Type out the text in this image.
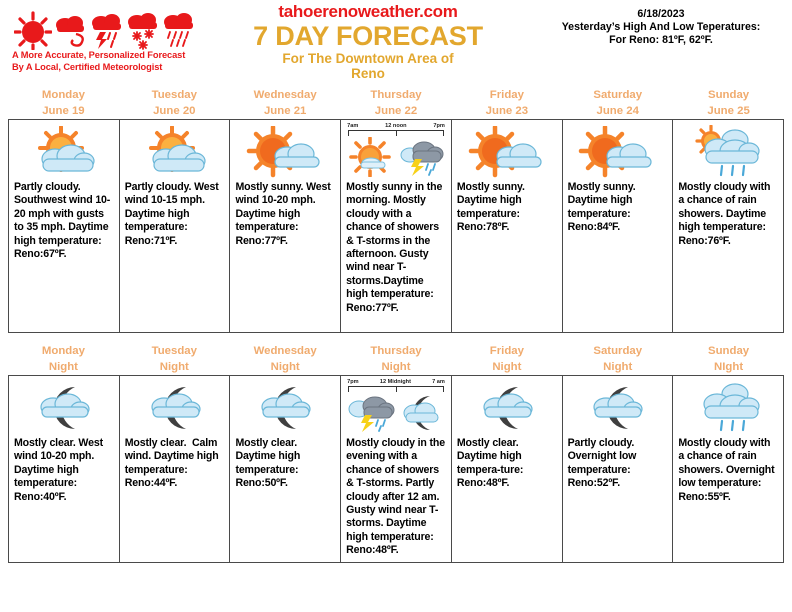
A More Accurate, Personalized Forecast
By A Local, Certified Meteorologist
tahoerenoweather.com
7 DAY FORECAST
For The Downtown Area of
Reno
6/18/2023
Yesterday’s High And Low Teperatures:
For Reno: 81ºF, 62ºF.
Monday
June 19
Tuesday
June 20
Wednesday
June 21
Thursday
June 22
Friday
June 23
Saturday
June 24
Sunday
June 25
Partly cloudy. Southwest wind 10-20 mph with gusts to 35 mph. Daytime high temperature: Reno:67ºF.
Partly cloudy. West wind 10-15 mph. Daytime high temperature: Reno:71ºF.
Mostly sunny. West wind 10-20 mph. Daytime high temperature: Reno:77ºF.
7am	12 noon	7pm
Mostly sunny in the morning. Mostly cloudy with a chance of showers & T-storms in the afternoon. Gusty wind near T-storms.Daytime high temperature: Reno:77ºF.
Mostly sunny. Daytime high temperature: Reno:78ºF.
Mostly sunny. Daytime high temperature: Reno:84ºF.
Mostly cloudy with a chance of rain showers. Daytime high temperature: Reno:76ºF.
Monday
Night
Tuesday
Night
Wednesday
Night
Thursday
Night
Friday
Night
Saturday
Night
Sunday
NIght
Mostly clear. West wind 10-20 mph. Daytime high temperature: Reno:40ºF.
Mostly clear.  Calm wind. Daytime high temperature: Reno:44ºF.
Mostly clear. Daytime high temperature: Reno:50ºF.
7pm	12 Midnight	7 am
Mostly cloudy in the evening with a chance of showers & T-storms. Partly cloudy after 12 am. Gusty wind near T-storms. Daytime high temperature: Reno:48ºF.
Mostly clear. Daytime high tempera-ture: Reno:48ºF.
Partly cloudy. Overnight low temperature: Reno:52ºF.
Mostly cloudy with a chance of rain showers. Overnight low temperature: Reno:55ºF.
